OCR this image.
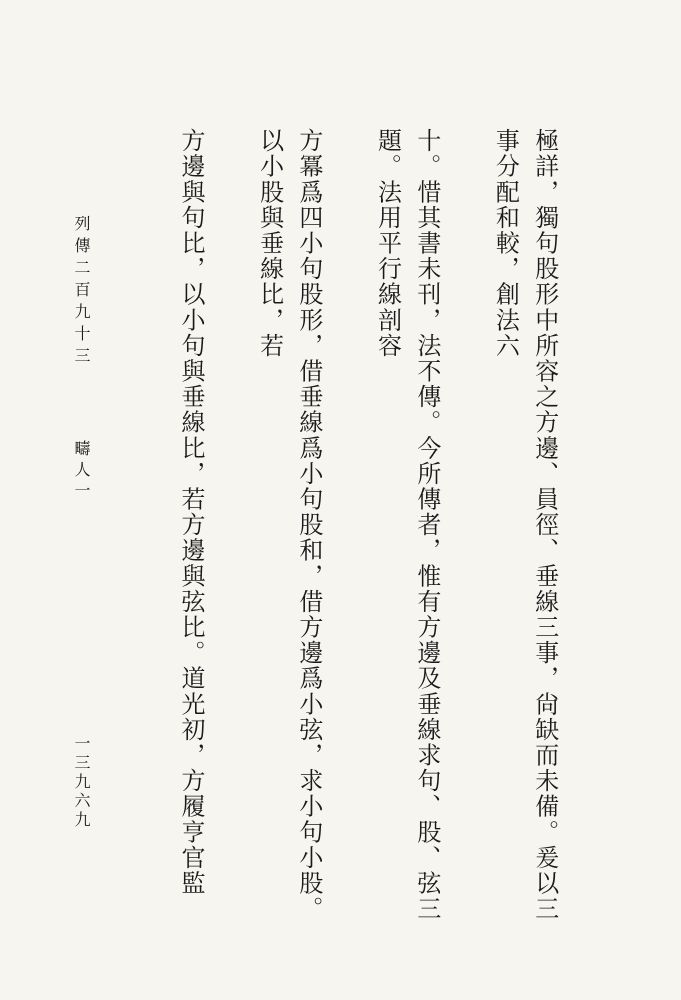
極詳，獨句股形中所容之方邊、員徑、垂線三事，尙缺而未備。爰以三事分配和較，創法六

十。惜其書未刊，法不傳。今所傳者，惟有方邊及垂線求句、股、弦三題。法用平行線剖容

方冪爲四小句股形，借垂線爲小句股和，借方邊爲小弦，求小句小股。以小股與垂線比，若

方邊與句比，以小句與垂線比，若方邊與弦比。道光初，方履亨官監

列傳二百九十三
疇人一
一三九六九
